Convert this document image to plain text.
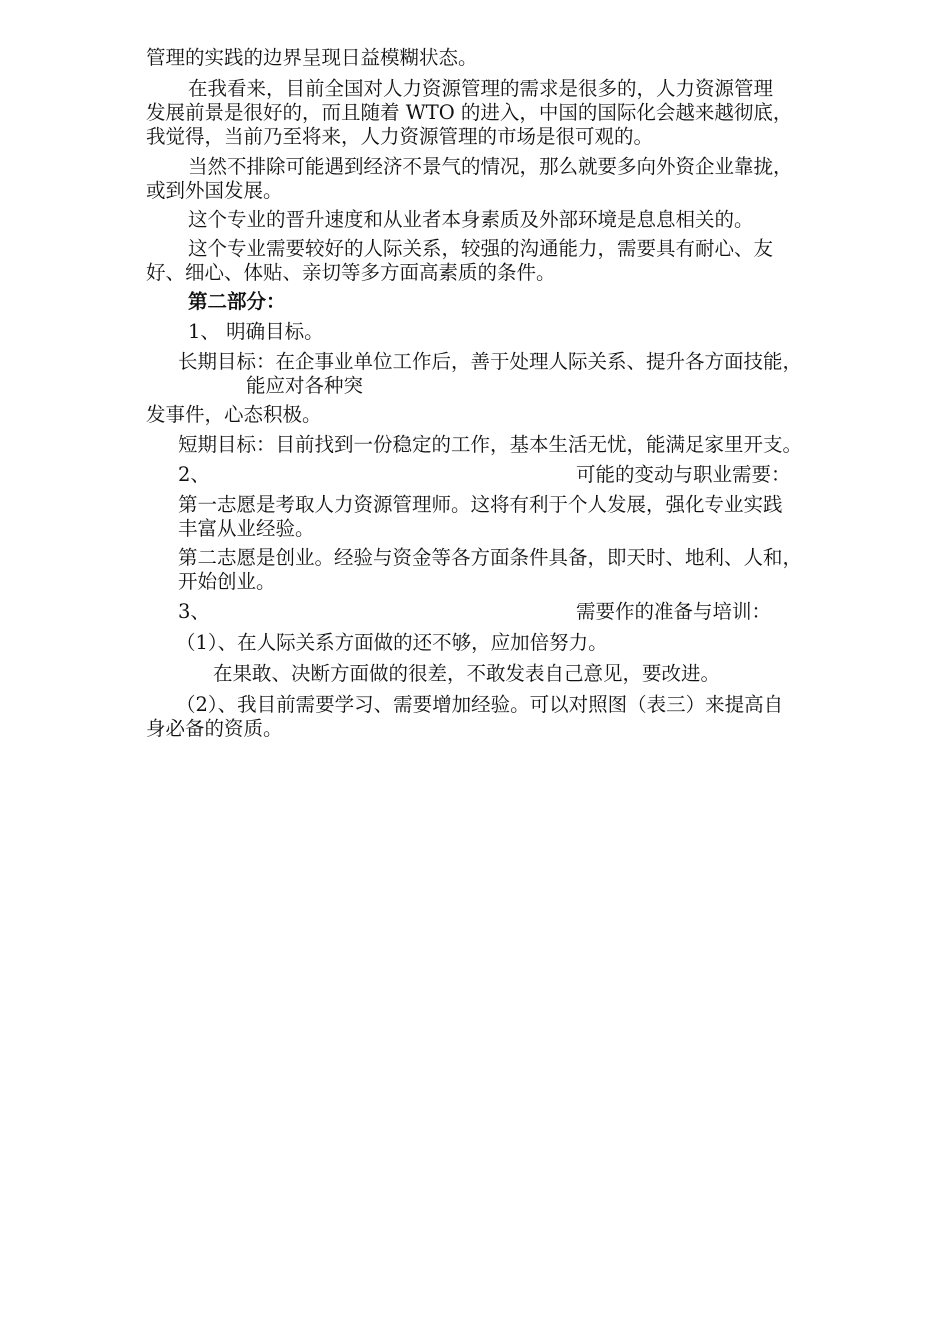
管理的实践的边界呈现日益模糊状态。

在我看来，目前全国对人力资源管理的需求是很多的，人力资源管理

发展前景是很好的，而且随着 WTO 的进入，中国的国际化会越来越彻底，

我觉得，当前乃至将来，人力资源管理的市场是很可观的。

当然不排除可能遇到经济不景气的情况，那么就要多向外资企业靠拢，

或到外国发展。

这个专业的晋升速度和从业者本身素质及外部环境是息息相关的。

这个专业需要较好的人际关系，较强的沟通能力，需要具有耐心、友

好、细心、体贴、亲切等多方面高素质的条件。

第二部分：

1、 明确目标。

长期目标：在企事业单位工作后，善于处理人际关系、提升各方面技能，

能应对各种突

发事件，心态积极。

短期目标：目前找到一份稳定的工作，基本生活无忧，能满足家里开支。

2、	可能的变动与职业需要：

第一志愿是考取人力资源管理师。这将有利于个人发展，强化专业实践

丰富从业经验。

第二志愿是创业。经验与资金等各方面条件具备，即天时、地利、人和，

开始创业。

3、	需要作的准备与培训：

（1）、在人际关系方面做的还不够，应加倍努力。

在果敢、决断方面做的很差，不敢发表自己意见，要改进。

（2）、我目前需要学习、需要增加经验。可以对照图（表三）来提高自

身必备的资质。
